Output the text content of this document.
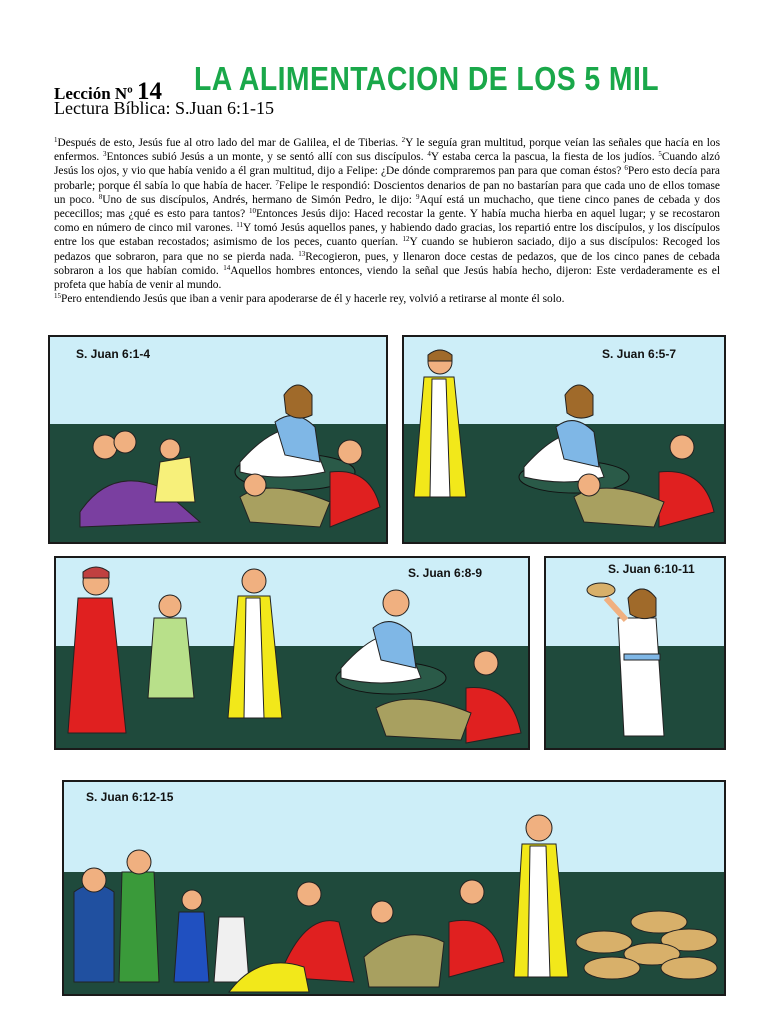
Lección Nº 14 LA ALIMENTACION DE LOS 5 MIL
Lectura Bíblica: S.Juan 6:1-15
$^1$Después de esto, Jesús fue al otro lado del mar de Galilea, el de Tiberias. $^2$Y le seguía gran multitud, porque veían las señales que hacía en los enfermos. $^3$Entonces subió Jesús a un monte, y se sentó allí con sus discípulos. $^4$Y estaba cerca la pascua, la fiesta de los judíos. $^5$Cuando alzó Jesús los ojos, y vio que había venido a él gran multitud, dijo a Felipe: ¿De dónde compraremos pan para que coman éstos? $^6$Pero esto decía para probarle; porque él sabía lo que había de hacer. $^7$Felipe le respondió: Doscientos denarios de pan no bastarían para que cada uno de ellos tomase un poco. $^8$Uno de sus discípulos, Andrés, hermano de Simón Pedro, le dijo: $^9$Aquí está un muchacho, que tiene cinco panes de cebada y dos pececillos; mas ¿qué es esto para tantos? $^{10}$Entonces Jesús dijo: Haced recostar la gente. Y había mucha hierba en aquel lugar; y se recostaron como en número de cinco mil varones. $^{11}$Y tomó Jesús aquellos panes, y habiendo dado gracias, los repartió entre los discípulos, y los discípulos entre los que estaban recostados; asimismo de los peces, cuanto querían. $^{12}$Y cuando se hubieron saciado, dijo a sus discípulos: Recoged los pedazos que sobraron, para que no se pierda nada. $^{13}$Recogieron, pues, y llenaron doce cestas de pedazos, que de los cinco panes de cebada sobraron a los que habían comido. $^{14}$Aquellos hombres entonces, viendo la señal que Jesús había hecho, dijeron: Este verdaderamente es el profeta que había de venir al mundo.
$^{15}$Pero entendiendo Jesús que iban a venir para apoderarse de él y hacerle rey, volvió a retirarse al monte él solo.
S. Juan 6:1-4	S. Juan 6:5-7
S. Juan 6:8-9	S. Juan 6:10-11
S. Juan 6:12-15
